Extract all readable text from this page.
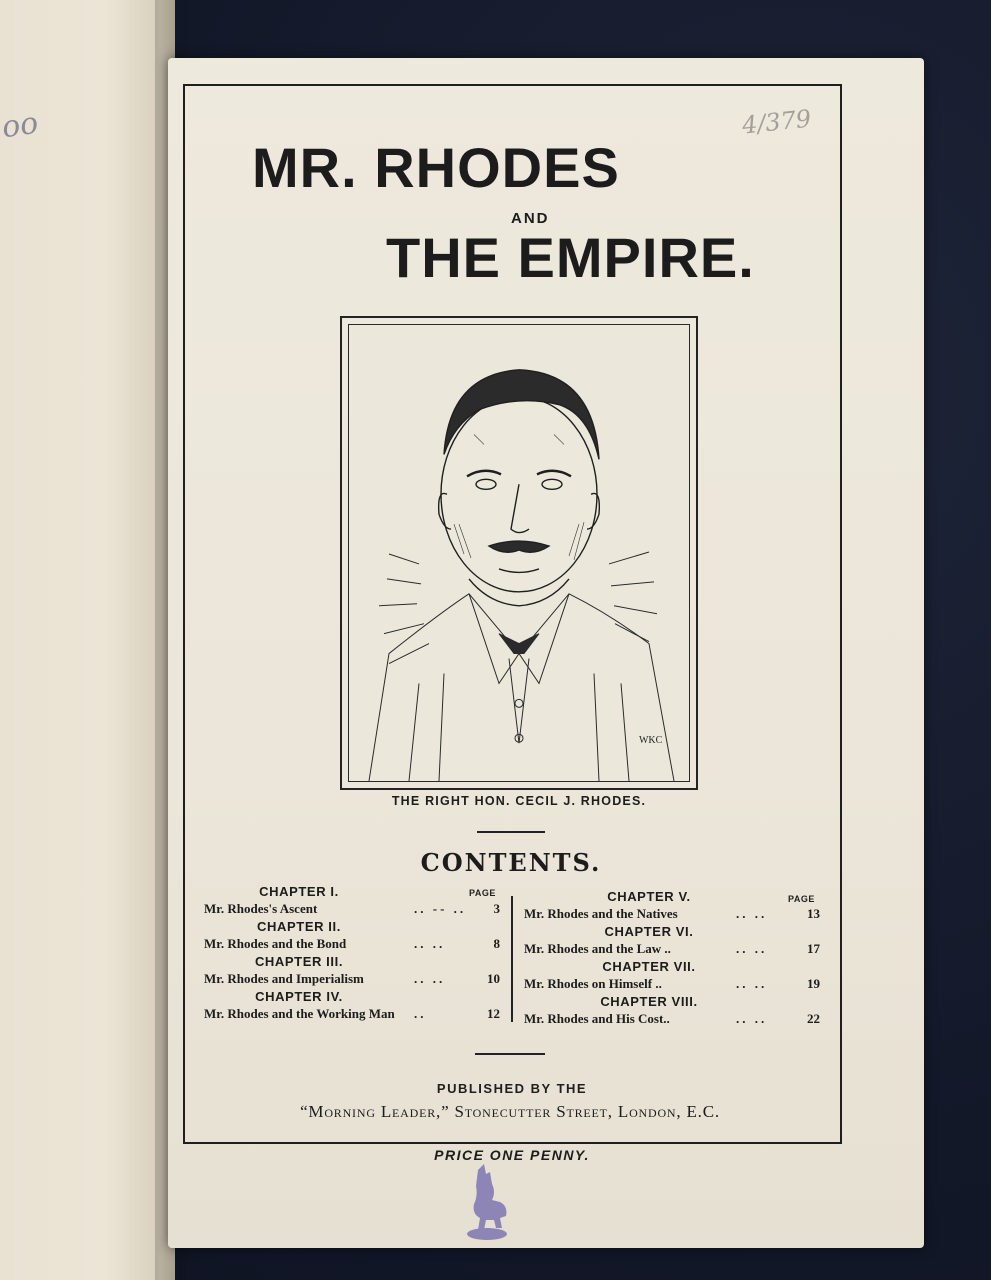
oo	4/379
MR. RHODES
AND
THE EMPIRE.
WKC
THE RIGHT HON. CECIL J. RHODES.
CONTENTS.
PAGE
PAGE
CHAPTER I.
Mr. Rhodes's Ascent	.. -- ..	3
CHAPTER II.
Mr. Rhodes and the Bond	.. ..	8
CHAPTER III.
Mr. Rhodes and Imperialism	.. ..	10
CHAPTER IV.
Mr. Rhodes and the Working Man ..	12
CHAPTER V.
Mr. Rhodes and the Natives	.. ..	13
CHAPTER VI.
Mr. Rhodes and the Law ..	.. ..	17
CHAPTER VII.
Mr. Rhodes on Himself ..	.. ..	19
CHAPTER VIII.
Mr. Rhodes and His Cost..	.. ..	22
PUBLISHED BY THE
“Morning Leader,” Stonecutter Street, London, E.C.
PRICE ONE PENNY.
